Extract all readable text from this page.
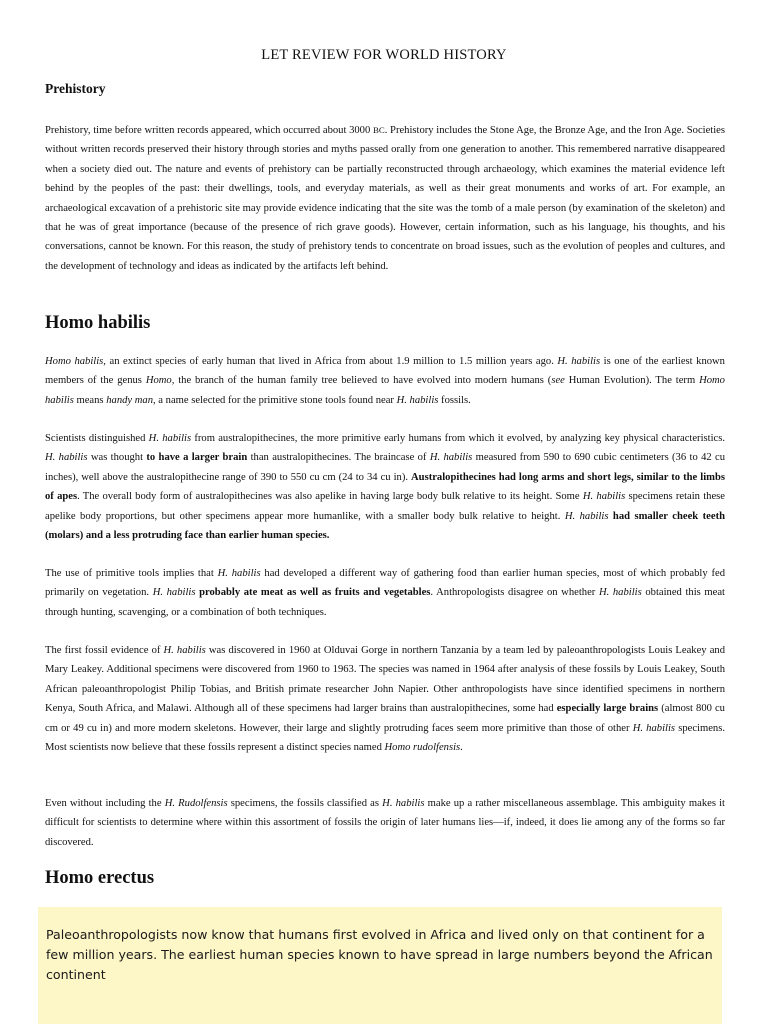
LET REVIEW FOR WORLD HISTORY
Prehistory

Prehistory, time before written records appeared, which occurred about 3000 BC. Prehistory includes the Stone Age, the Bronze Age, and the Iron Age. Societies without written records preserved their history through stories and myths passed orally from one generation to another. This remembered narrative disappeared when a society died out. The nature and events of prehistory can be partially reconstructed through archaeology, which examines the material evidence left behind by the peoples of the past: their dwellings, tools, and everyday materials, as well as their great monuments and works of art. For example, an archaeological excavation of a prehistoric site may provide evidence indicating that the site was the tomb of a male person (by examination of the skeleton) and that he was of great importance (because of the presence of rich grave goods). However, certain information, such as his language, his thoughts, and his conversations, cannot be known. For this reason, the study of prehistory tends to concentrate on broad issues, such as the evolution of peoples and cultures, and the development of technology and ideas as indicated by the artifacts left behind.

Homo habilis

Homo habilis, an extinct species of early human that lived in Africa from about 1.9 million to 1.5 million years ago. H. habilis is one of the earliest known members of the genus Homo, the branch of the human family tree believed to have evolved into modern humans (see Human Evolution). The term Homo habilis means handy man, a name selected for the primitive stone tools found near H. habilis fossils.

Scientists distinguished H. habilis from australopithecines, the more primitive early humans from which it evolved, by analyzing key physical characteristics. H. habilis was thought to have a larger brain than australopithecines. The braincase of H. habilis measured from 590 to 690 cubic centimeters (36 to 42 cu inches), well above the australopithecine range of 390 to 550 cu cm (24 to 34 cu in). Australopithecines had long arms and short legs, similar to the limbs of apes. The overall body form of australopithecines was also apelike in having large body bulk relative to its height. Some H. habilis specimens retain these apelike body proportions, but other specimens appear more humanlike, with a smaller body bulk relative to height. H. habilis had smaller cheek teeth (molars) and a less protruding face than earlier human species.

The use of primitive tools implies that H. habilis had developed a different way of gathering food than earlier human species, most of which probably fed primarily on vegetation. H. habilis probably ate meat as well as fruits and vegetables. Anthropologists disagree on whether H. habilis obtained this meat through hunting, scavenging, or a combination of both techniques.

The first fossil evidence of H. habilis was discovered in 1960 at Olduvai Gorge in northern Tanzania by a team led by paleoanthropologists Louis Leakey and Mary Leakey. Additional specimens were discovered from 1960 to 1963. The species was named in 1964 after analysis of these fossils by Louis Leakey, South African paleoanthropologist Philip Tobias, and British primate researcher John Napier. Other anthropologists have since identified specimens in northern Kenya, South Africa, and Malawi. Although all of these specimens had larger brains than australopithecines, some had especially large brains (almost 800 cu cm or 49 cu in) and more modern skeletons. However, their large and slightly protruding faces seem more primitive than those of other H. habilis specimens. Most scientists now believe that these fossils represent a distinct species named Homo rudolfensis.

Even without including the H. Rudolfensis specimens, the fossils classified as H. habilis make up a rather miscellaneous assemblage. This ambiguity makes it difficult for scientists to determine where within this assortment of fossils the origin of later humans lies—if, indeed, it does lie among any of the forms so far discovered.

Homo erectus

Paleoanthropologists now know that humans first evolved in Africa and lived only on that continent for a few million years. The earliest human species known to have spread in large numbers beyond the African continent
